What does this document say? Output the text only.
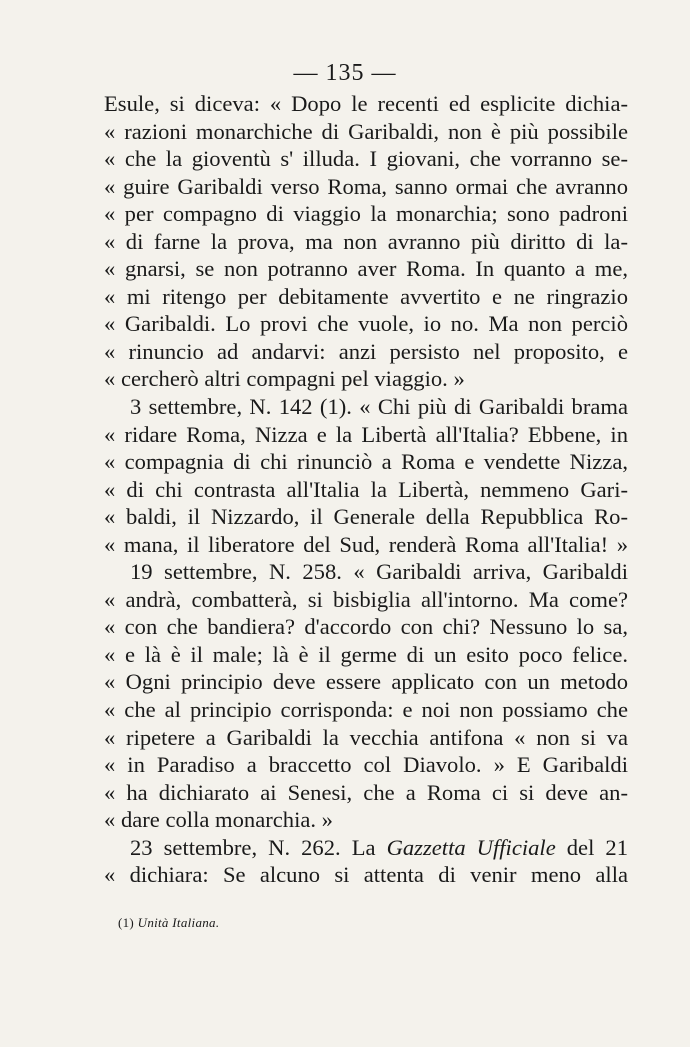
— 135 —
Esule, si diceva: « Dopo le recenti ed esplicite dichia-
« razioni monarchiche di Garibaldi, non è più possibile
« che la gioventù s' illuda. I giovani, che vorranno se-
« guire Garibaldi verso Roma, sanno ormai che avranno
« per compagno di viaggio la monarchia; sono padroni
« di farne la prova, ma non avranno più diritto di la-
« gnarsi, se non potranno aver Roma. In quanto a me,
« mi ritengo per debitamente avvertito e ne ringrazio
« Garibaldi. Lo provi che vuole, io no. Ma non perciò
« rinuncio ad andarvi: anzi persisto nel proposito, e
« cercherò altri compagni pel viaggio. »
3 settembre, N. 142 (1). « Chi più di Garibaldi brama
« ridare Roma, Nizza e la Libertà all'Italia? Ebbene, in
« compagnia di chi rinunciò a Roma e vendette Nizza,
« di chi contrasta all'Italia la Libertà, nemmeno Gari-
« baldi, il Nizzardo, il Generale della Repubblica Ro-
« mana, il liberatore del Sud, renderà Roma all'Italia! »
19 settembre, N. 258. « Garibaldi arriva, Garibaldi
« andrà, combatterà, si bisbiglia all'intorno. Ma come?
« con che bandiera? d'accordo con chi? Nessuno lo sa,
« e là è il male; là è il germe di un esito poco felice.
« Ogni principio deve essere applicato con un metodo
« che al principio corrisponda: e noi non possiamo che
« ripetere a Garibaldi la vecchia antifona « non si va
« in Paradiso a braccetto col Diavolo. » E Garibaldi
« ha dichiarato ai Senesi, che a Roma ci si deve an-
« dare colla monarchia. »
23 settembre, N. 262. La Gazzetta Ufficiale del 21
« dichiara: Se alcuno si attenta di venir meno alla
(1) Unità Italiana.
